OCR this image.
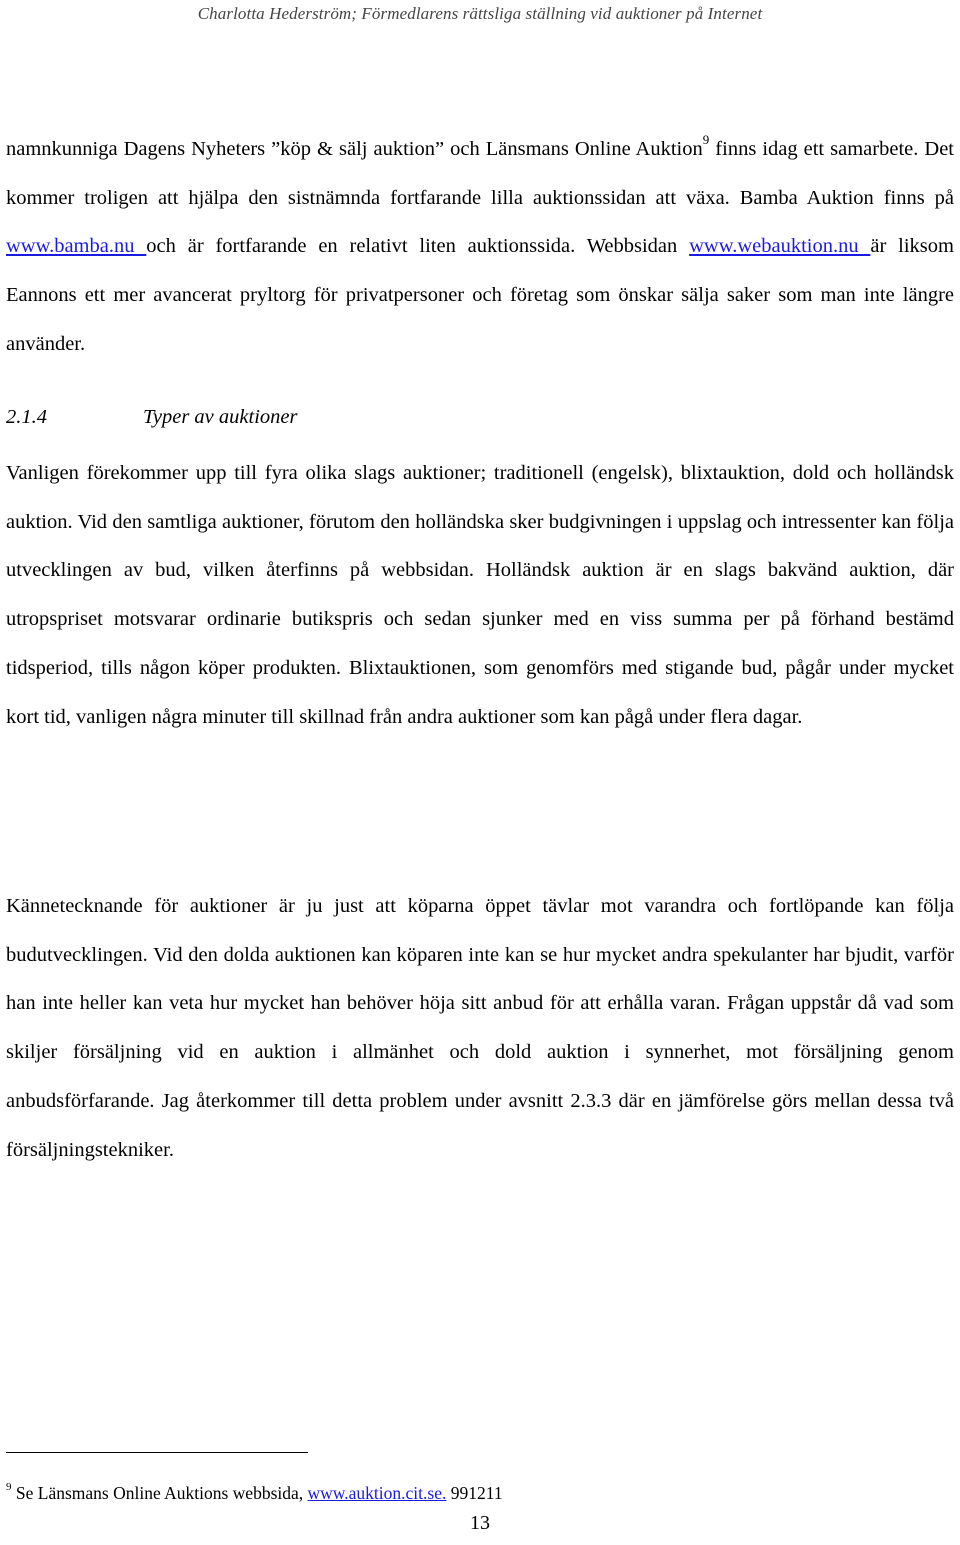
Charlotta Hederström; Förmedlarens rättsliga ställning vid auktioner på Internet
namnkunniga Dagens Nyheters ”köp & sälj auktion” och Länsmans Online Auktion$^9$ finns idag ett samarbete. Det kommer troligen att hjälpa den sistnämnda fortfarande lilla auktionssidan att växa. Bamba Auktion finns på www.bamba.nu och är fortfarande en relativt liten auktionssida. Webbsidan www.webauktion.nu är liksom Eannons ett mer avancerat pryltorg för privatpersoner och företag som önskar sälja saker som man inte längre använder.
2.1.4	Typer av auktioner
Vanligen förekommer upp till fyra olika slags auktioner; traditionell (engelsk), blixtauktion, dold och holländsk auktion. Vid den samtliga auktioner, förutom den holländska sker budgivningen i uppslag och intressenter kan följa utvecklingen av bud, vilken återfinns på webbsidan. Holländsk auktion är en slags bakvänd auktion, där utropspriset motsvarar ordinarie butikspris och sedan sjunker med en viss summa per på förhand bestämd tidsperiod, tills någon köper produkten. Blixtauktionen, som genomförs med stigande bud, pågår under mycket kort tid, vanligen några minuter till skillnad från andra auktioner som kan pågå under flera dagar.
Kännetecknande för auktioner är ju just att köparna öppet tävlar mot varandra och fortlöpande kan följa budutvecklingen. Vid den dolda auktionen kan köparen inte kan se hur mycket andra spekulanter har bjudit, varför han inte heller kan veta hur mycket han behöver höja sitt anbud för att erhålla varan. Frågan uppstår då vad som skiljer försäljning vid en auktion i allmänhet och dold auktion i synnerhet, mot försäljning genom anbudsförfarande. Jag återkommer till detta problem under avsnitt 2.3.3 där en jämförelse görs mellan dessa två försäljningstekniker.
$^9$ Se Länsmans Online Auktions webbsida, www.auktion.cit.se. 991211
13
